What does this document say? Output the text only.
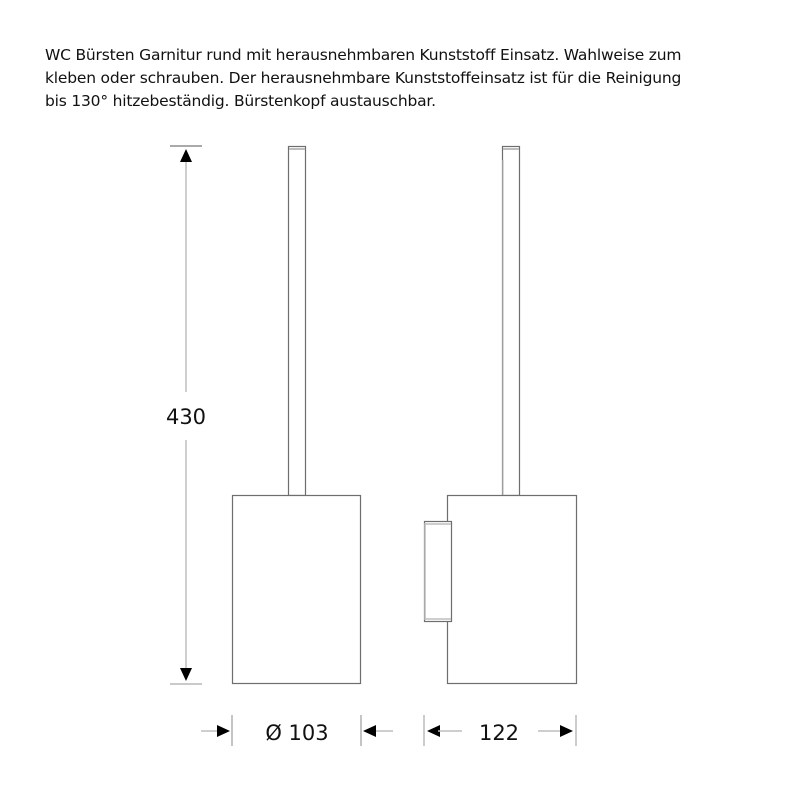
WC Bürsten Garnitur rund mit herausnehmbaren Kunststoff Einsatz. Wahlweise zum
kleben oder schrauben. Der herausnehmbare Kunststoffeinsatz ist für die Reinigung
bis 130° hitzebeständig. Bürstenkopf austauschbar.
430
Ø 103	122
